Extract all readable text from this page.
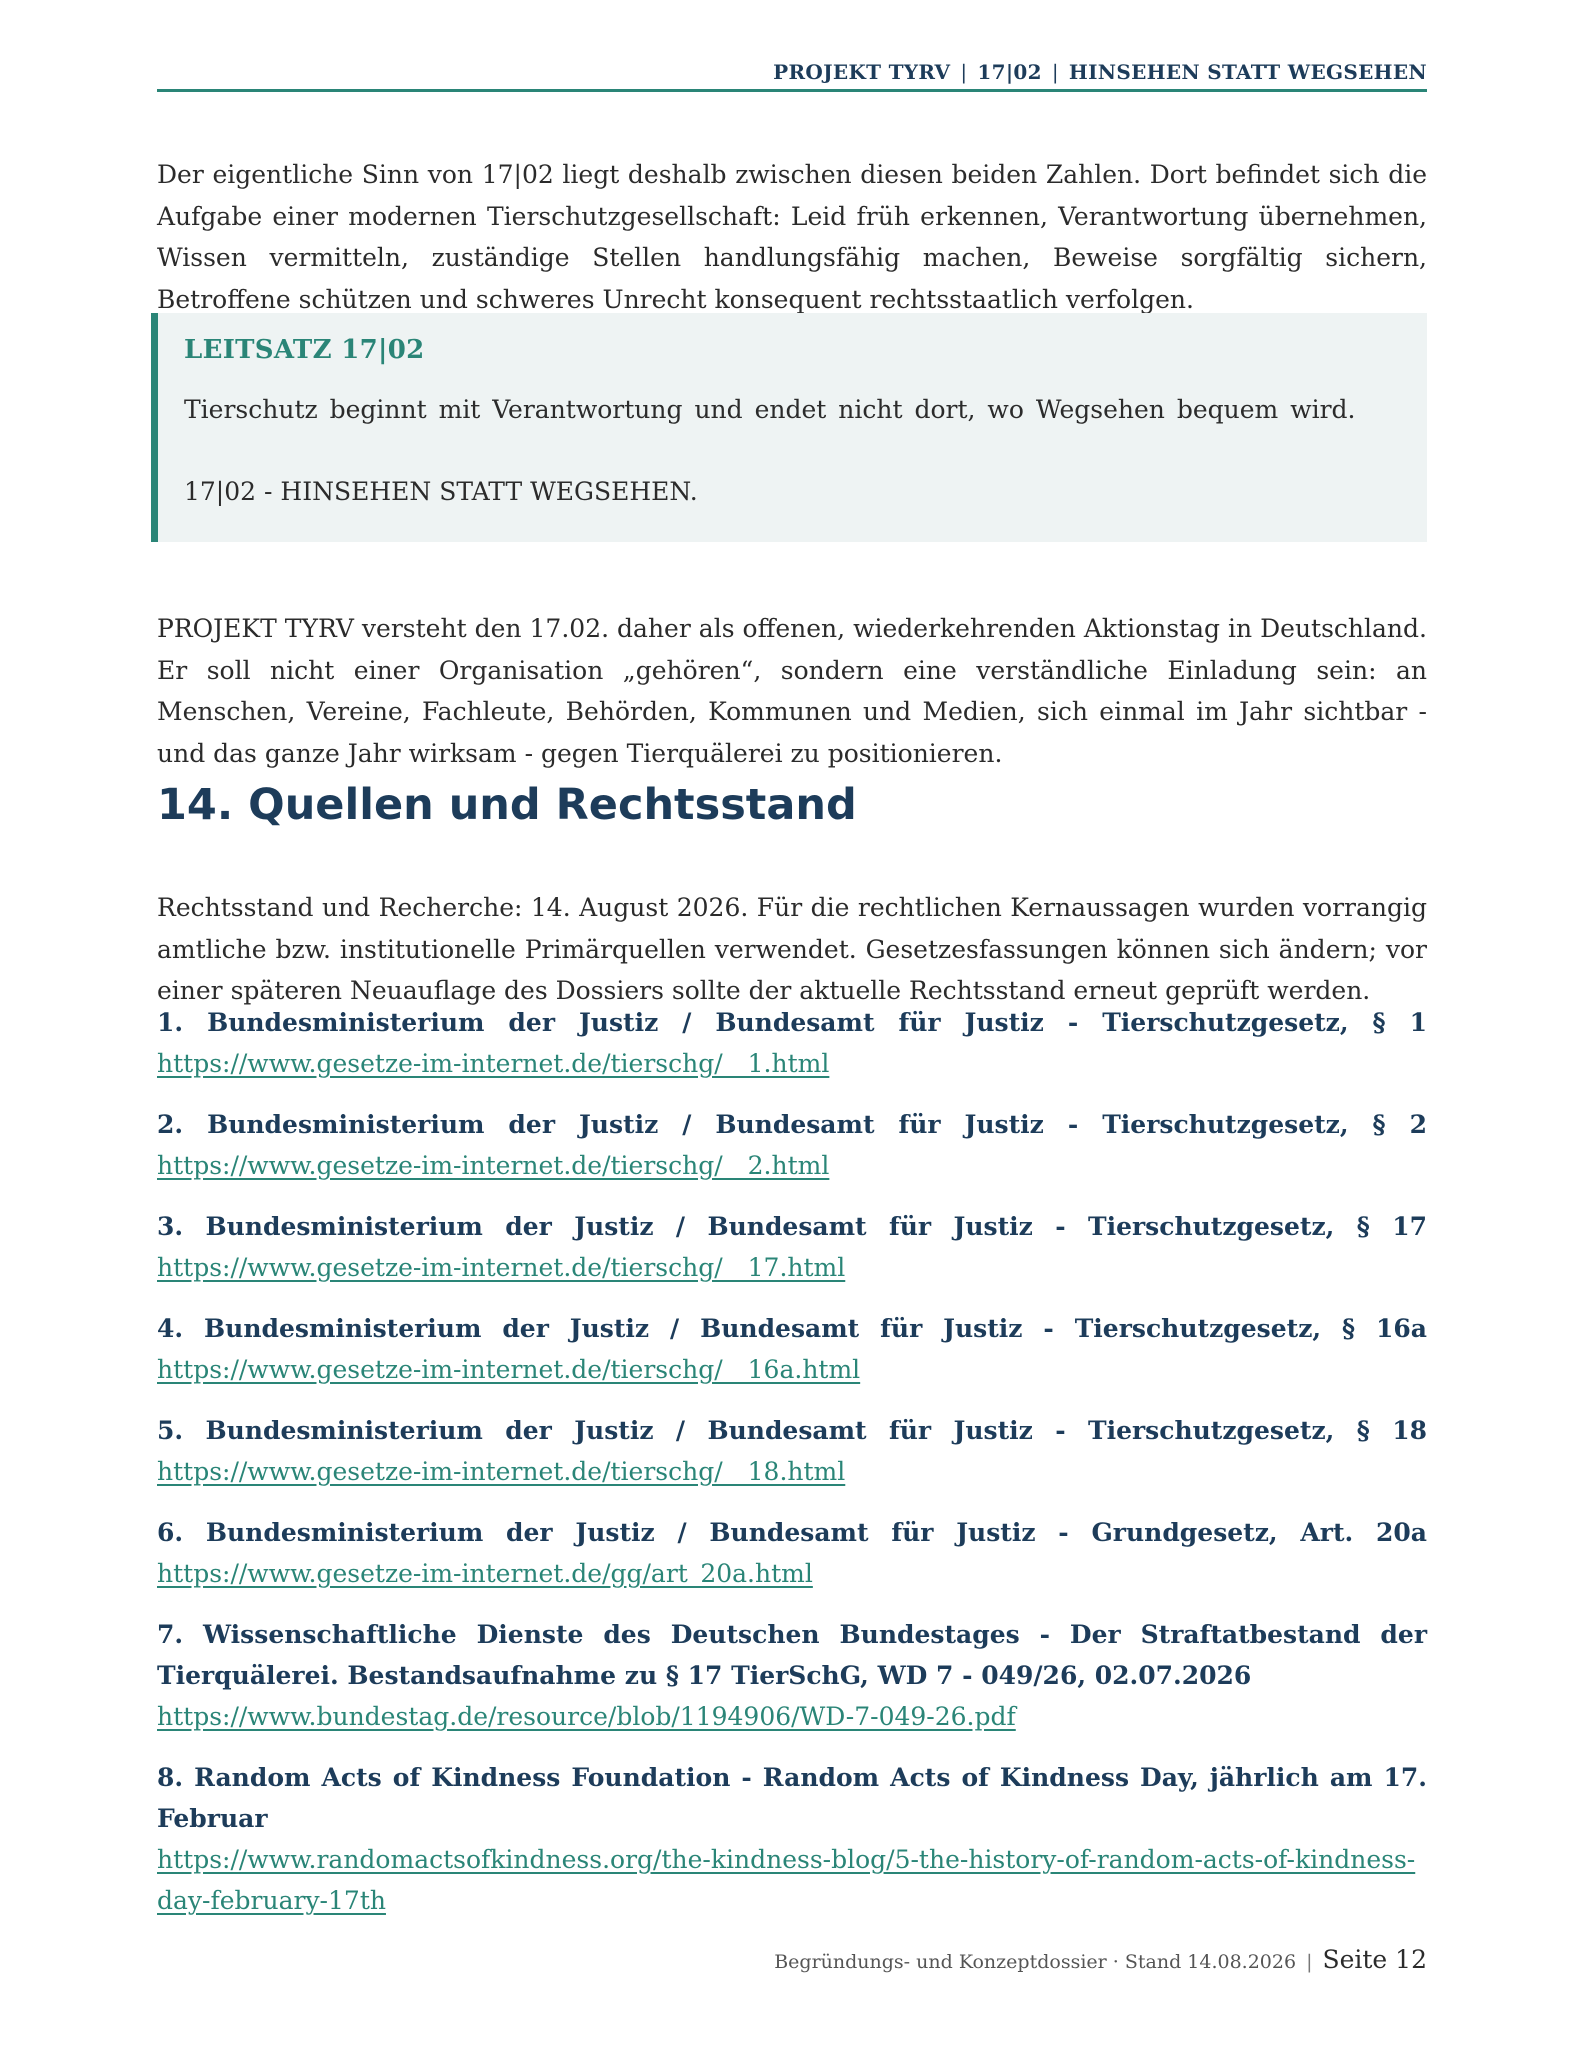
PROJEKT TYRV | 17|02 | HINSEHEN STATT WEGSEHEN

Der eigentliche Sinn von 17|02 liegt deshalb zwischen diesen beiden Zahlen. Dort befindet sich die Aufgabe einer modernen Tierschutzgesellschaft: Leid früh erkennen, Verantwortung übernehmen, Wissen vermitteln, zuständige Stellen handlungsfähig machen, Beweise sorgfältig sichern, Betroffene schützen und schweres Unrecht konsequent rechtsstaatlich verfolgen.

LEITSATZ 17|02
Tierschutz beginnt mit Verantwortung und endet nicht dort, wo Wegsehen bequem wird.
17|02 - HINSEHEN STATT WEGSEHEN.

PROJEKT TYRV versteht den 17.02. daher als offenen, wiederkehrenden Aktionstag in Deutschland. Er soll nicht einer Organisation „gehören“, sondern eine verständliche Einladung sein: an Menschen, Vereine, Fachleute, Behörden, Kommunen und Medien, sich einmal im Jahr sichtbar - und das ganze Jahr wirksam - gegen Tierquälerei zu positionieren.

14. Quellen und Rechtsstand

Rechtsstand und Recherche: 14. August 2026. Für die rechtlichen Kernaussagen wurden vorrangig amtliche bzw. institutionelle Primärquellen verwendet. Gesetzesfassungen können sich ändern; vor einer späteren Neuauflage des Dossiers sollte der aktuelle Rechtsstand erneut geprüft werden.

1. Bundesministerium der Justiz / Bundesamt für Justiz - Tierschutzgesetz, § 1
https://www.gesetze-im-internet.de/tierschg/__1.html
2. Bundesministerium der Justiz / Bundesamt für Justiz - Tierschutzgesetz, § 2
https://www.gesetze-im-internet.de/tierschg/__2.html
3. Bundesministerium der Justiz / Bundesamt für Justiz - Tierschutzgesetz, § 17
https://www.gesetze-im-internet.de/tierschg/__17.html
4. Bundesministerium der Justiz / Bundesamt für Justiz - Tierschutzgesetz, § 16a
https://www.gesetze-im-internet.de/tierschg/__16a.html
5. Bundesministerium der Justiz / Bundesamt für Justiz - Tierschutzgesetz, § 18
https://www.gesetze-im-internet.de/tierschg/__18.html
6. Bundesministerium der Justiz / Bundesamt für Justiz - Grundgesetz, Art. 20a
https://www.gesetze-im-internet.de/gg/art_20a.html
7. Wissenschaftliche Dienste des Deutschen Bundestages - Der Straftatbestand der Tierquälerei. Bestandsaufnahme zu § 17 TierSchG, WD 7 - 049/26, 02.07.2026
https://www.bundestag.de/resource/blob/1194906/WD-7-049-26.pdf
8. Random Acts of Kindness Foundation - Random Acts of Kindness Day, jährlich am 17. Februar
https://www.randomactsofkindness.org/the-kindness-blog/5-the-history-of-random-acts-of-kindness-day-february-17th
Begründungs- und Konzeptdossier · Stand 14.08.2026 | Seite 12
